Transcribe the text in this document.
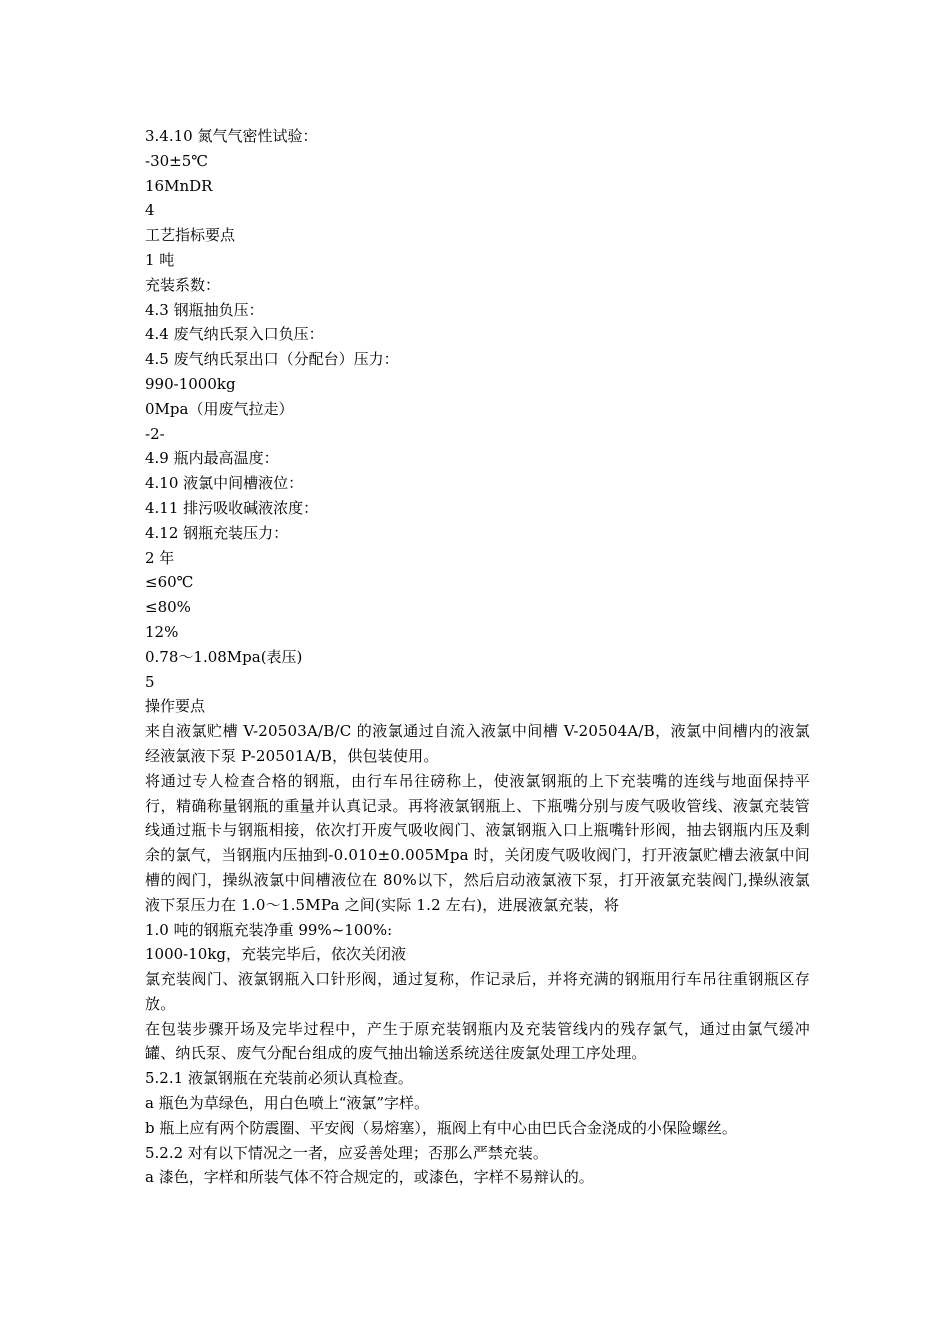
3.4.10 氮气气密性试验：

-30±5℃

16MnDR

4

工艺指标要点

1 吨

充装系数：

4.3 钢瓶抽负压：

4.4 废气纳氏泵入口负压：

4.5 废气纳氏泵出口（分配台）压力：

990-1000kg

0Mpa（用废气拉走）

-2-

4.9 瓶内最高温度：

4.10 液氯中间槽液位：

4.11 排污吸收碱液浓度：

4.12 钢瓶充装压力：

2 年

≤60℃

≤80%

12%

0.78～1.08Mpa(表压)

5

操作要点

来自液氯贮槽 V-20503A/B/C 的液氯通过自流入液氯中间槽 V-20504A/B，液氯中间槽内的液氯经液氯液下泵 P-20501A/B，供包装使用。

将通过专人检查合格的钢瓶，由行车吊往磅称上，使液氯钢瓶的上下充装嘴的连线与地面保持平行，精确称量钢瓶的重量并认真记录。再将液氯钢瓶上、下瓶嘴分别与废气吸收管线、液氯充装管线通过瓶卡与钢瓶相接，依次打开废气吸收阀门、液氯钢瓶入口上瓶嘴针形阀，抽去钢瓶内压及剩余的氯气，当钢瓶内压抽到-0.010±0.005Mpa 时，关闭废气吸收阀门，打开液氯贮槽去液氯中间槽的阀门，操纵液氯中间槽液位在 80%以下，然后启动液氯液下泵，打开液氯充装阀门,操纵液氯液下泵压力在 1.0～1.5MPa 之间(实际 1.2 左右)，进展液氯充装，将

1.0 吨的钢瓶充装净重 99%~100%:

1000-10kg，充装完毕后，依次关闭液

氯充装阀门、液氯钢瓶入口针形阀，通过复称，作记录后，并将充满的钢瓶用行车吊往重钢瓶区存放。

在包装步骤开场及完毕过程中，产生于原充装钢瓶内及充装管线内的残存氯气，通过由氯气缓冲罐、纳氏泵、废气分配台组成的废气抽出输送系统送往废氯处理工序处理。

5.2.1 液氯钢瓶在充装前必须认真检查。

a 瓶色为草绿色，用白色喷上“液氯”字样。

b 瓶上应有两个防震圈、平安阀（易熔塞），瓶阀上有中心由巴氏合金浇成的小保险螺丝。

5.2.2 对有以下情况之一者，应妥善处理；否那么严禁充装。

a 漆色，字样和所装气体不符合规定的，或漆色，字样不易辩认的。
